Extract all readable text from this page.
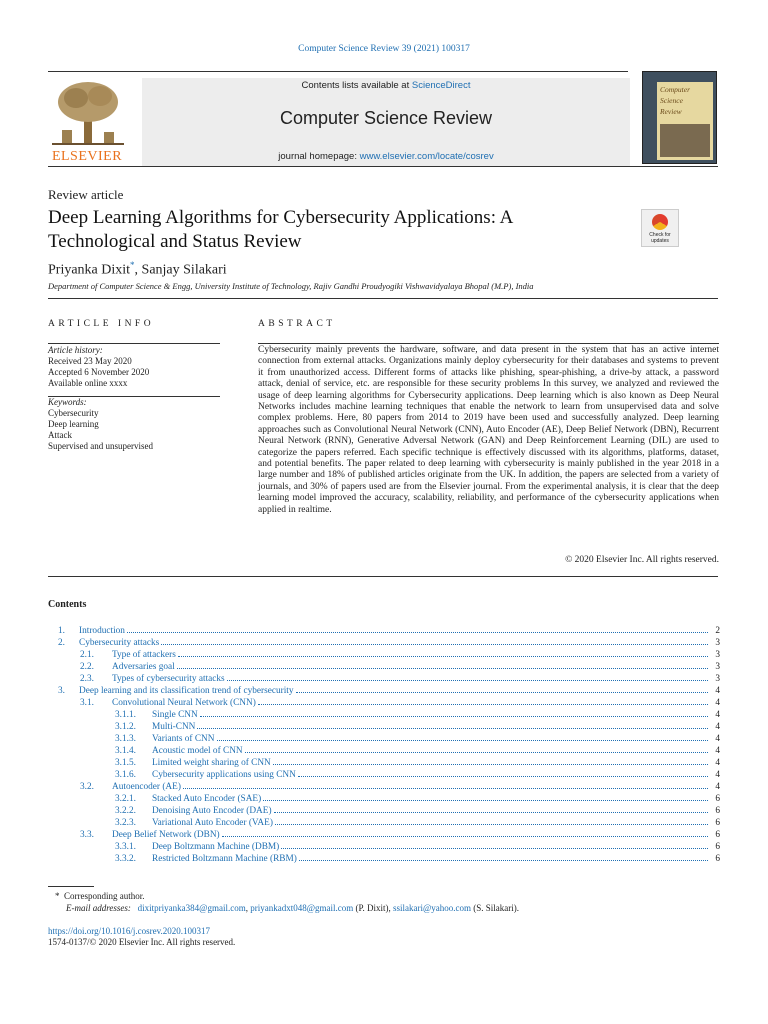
Computer Science Review 39 (2021) 100317
Contents lists available at ScienceDirect
Computer Science Review
journal homepage: www.elsevier.com/locate/cosrev
ELSEVIER
Computer
Science
Review
Review article
Deep Learning Algorithms for Cybersecurity Applications: A Technological and Status Review	Check for updates
Priyanka Dixit*, Sanjay Silakari
Department of Computer Science & Engg, University Institute of Technology, Rajiv Gandhi Proudyogiki Vishwavidyalaya Bhopal (M.P), India
ARTICLE INFO	ABSTRACT
Article history:
Received 23 May 2020
Accepted 6 November 2020
Available online xxxx
Keywords:
Cybersecurity
Deep learning
Attack
Supervised and unsupervised
Cybersecurity mainly prevents the hardware, software, and data present in the system that has an active internet connection from external attacks. Organizations mainly deploy cybersecurity for their databases and systems to prevent it from unauthorized access. Different forms of attacks like phishing, spear-phishing, a drive-by attack, a password attack, denial of service, etc. are responsible for these security problems In this survey, we analyzed and reviewed the usage of deep learning algorithms for Cybersecurity applications. Deep learning which is also known as Deep Neural Networks includes machine learning techniques that enable the network to learn from unsupervised data and solve complex problems. Here, 80 papers from 2014 to 2019 have been used and successfully analyzed. Deep learning approaches such as Convolutional Neural Network (CNN), Auto Encoder (AE), Deep Belief Network (DBN), Recurrent Neural Network (RNN), Generative Adversal Network (GAN) and Deep Reinforcement Learning (DIL) are used to categorize the papers referred. Each specific technique is effectively discussed with its algorithms, platforms, dataset, and potential benefits. The paper related to deep learning with cybersecurity is mainly published in the year 2018 in a large number and 18% of published articles originate from the UK. In addition, the papers are selected from a variety of journals, and 30% of papers used are from the Elsevier journal. From the experimental analysis, it is clear that the deep learning model improved the accuracy, scalability, reliability, and performance of the cybersecurity applications when applied in realtime.
© 2020 Elsevier Inc. All rights reserved.
Contents
1.	Introduction	2
2.	Cybersecurity attacks	3
2.1.	Type of attackers	3
2.2.	Adversaries goal	3
2.3.	Types of cybersecurity attacks	3
3.	Deep learning and its classification trend of cybersecurity	4
3.1.	Convolutional Neural Network (CNN)	4
3.1.1.	Single CNN	4
3.1.2.	Multi-CNN	4
3.1.3.	Variants of CNN	4
3.1.4.	Acoustic model of CNN	4
3.1.5.	Limited weight sharing of CNN	4
3.1.6.	Cybersecurity applications using CNN	4
3.2.	Autoencoder (AE)	4
3.2.1.	Stacked Auto Encoder (SAE)	6
3.2.2.	Denoising Auto Encoder (DAE)	6
3.2.3.	Variational Auto Encoder (VAE)	6
3.3.	Deep Belief Network (DBN)	6
3.3.1.	Deep Boltzmann Machine (DBM)	6
3.3.2.	Restricted Boltzmann Machine (RBM)	6
* Corresponding author.
E-mail addresses: dixitpriyanka384@gmail.com, priyankadxt048@gmail.com (P. Dixit), ssilakari@yahoo.com (S. Silakari).
https://doi.org/10.1016/j.cosrev.2020.100317
1574-0137/© 2020 Elsevier Inc. All rights reserved.
